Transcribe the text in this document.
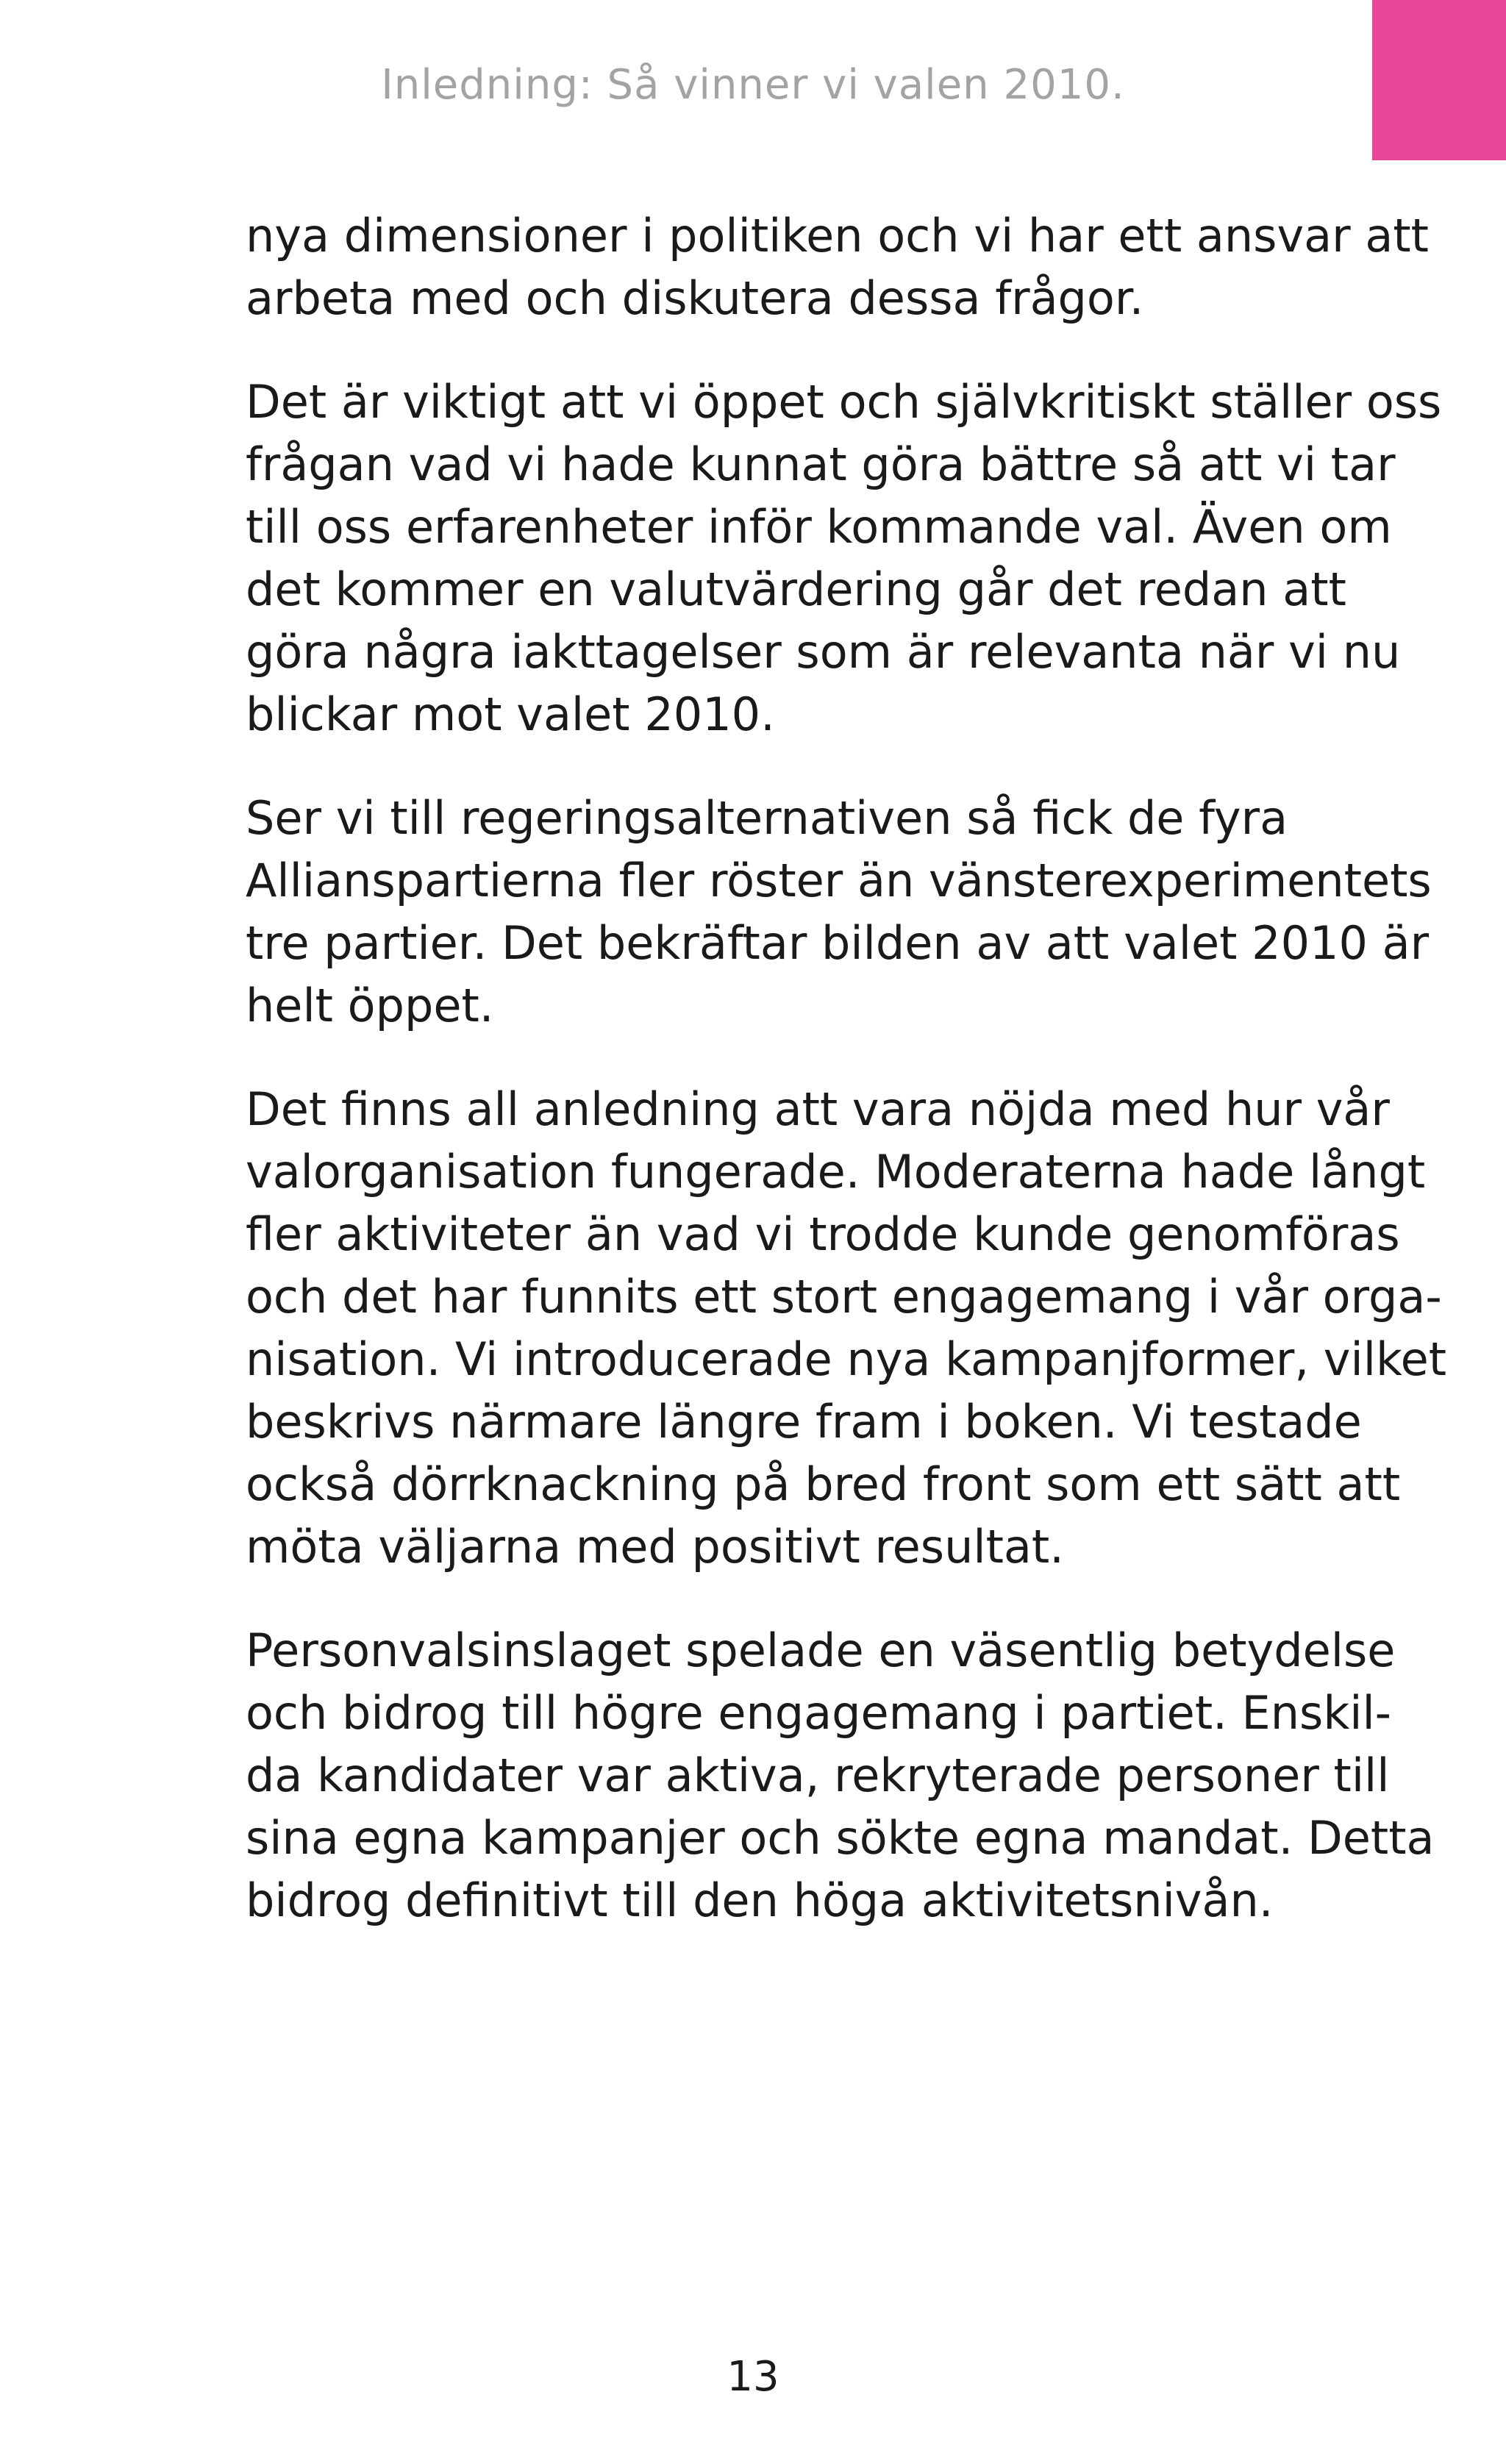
Inledning: Så vinner vi valen 2010.

nya dimensioner i politiken och vi har ett ansvar att
arbeta med och diskutera dessa frågor.

Det är viktigt att vi öppet och självkritiskt ställer oss
frågan vad vi hade kunnat göra bättre så att vi tar
till oss erfarenheter inför kommande val. Även om
det kommer en valutvärdering går det redan att
göra några iakttagelser som är relevanta när vi nu
blickar mot valet 2010.

Ser vi till regeringsalternativen så fick de fyra
Allianspartierna fler röster än vänsterexperimentets
tre partier. Det bekräftar bilden av att valet 2010 är
helt öppet.

Det finns all anledning att vara nöjda med hur vår
valorganisation fungerade. Moderaterna hade långt
fler aktiviteter än vad vi trodde kunde genomföras
och det har funnits ett stort engagemang i vår orga-
nisation. Vi introducerade nya kampanjformer, vilket
beskrivs närmare längre fram i boken. Vi testade
också dörrknackning på bred front som ett sätt att
möta väljarna med positivt resultat.

Personvalsinslaget spelade en väsentlig betydelse
och bidrog till högre engagemang i partiet. Enskil-
da kandidater var aktiva, rekryterade personer till
sina egna kampanjer och sökte egna mandat. Detta
bidrog definitivt till den höga aktivitetsnivån.

13
